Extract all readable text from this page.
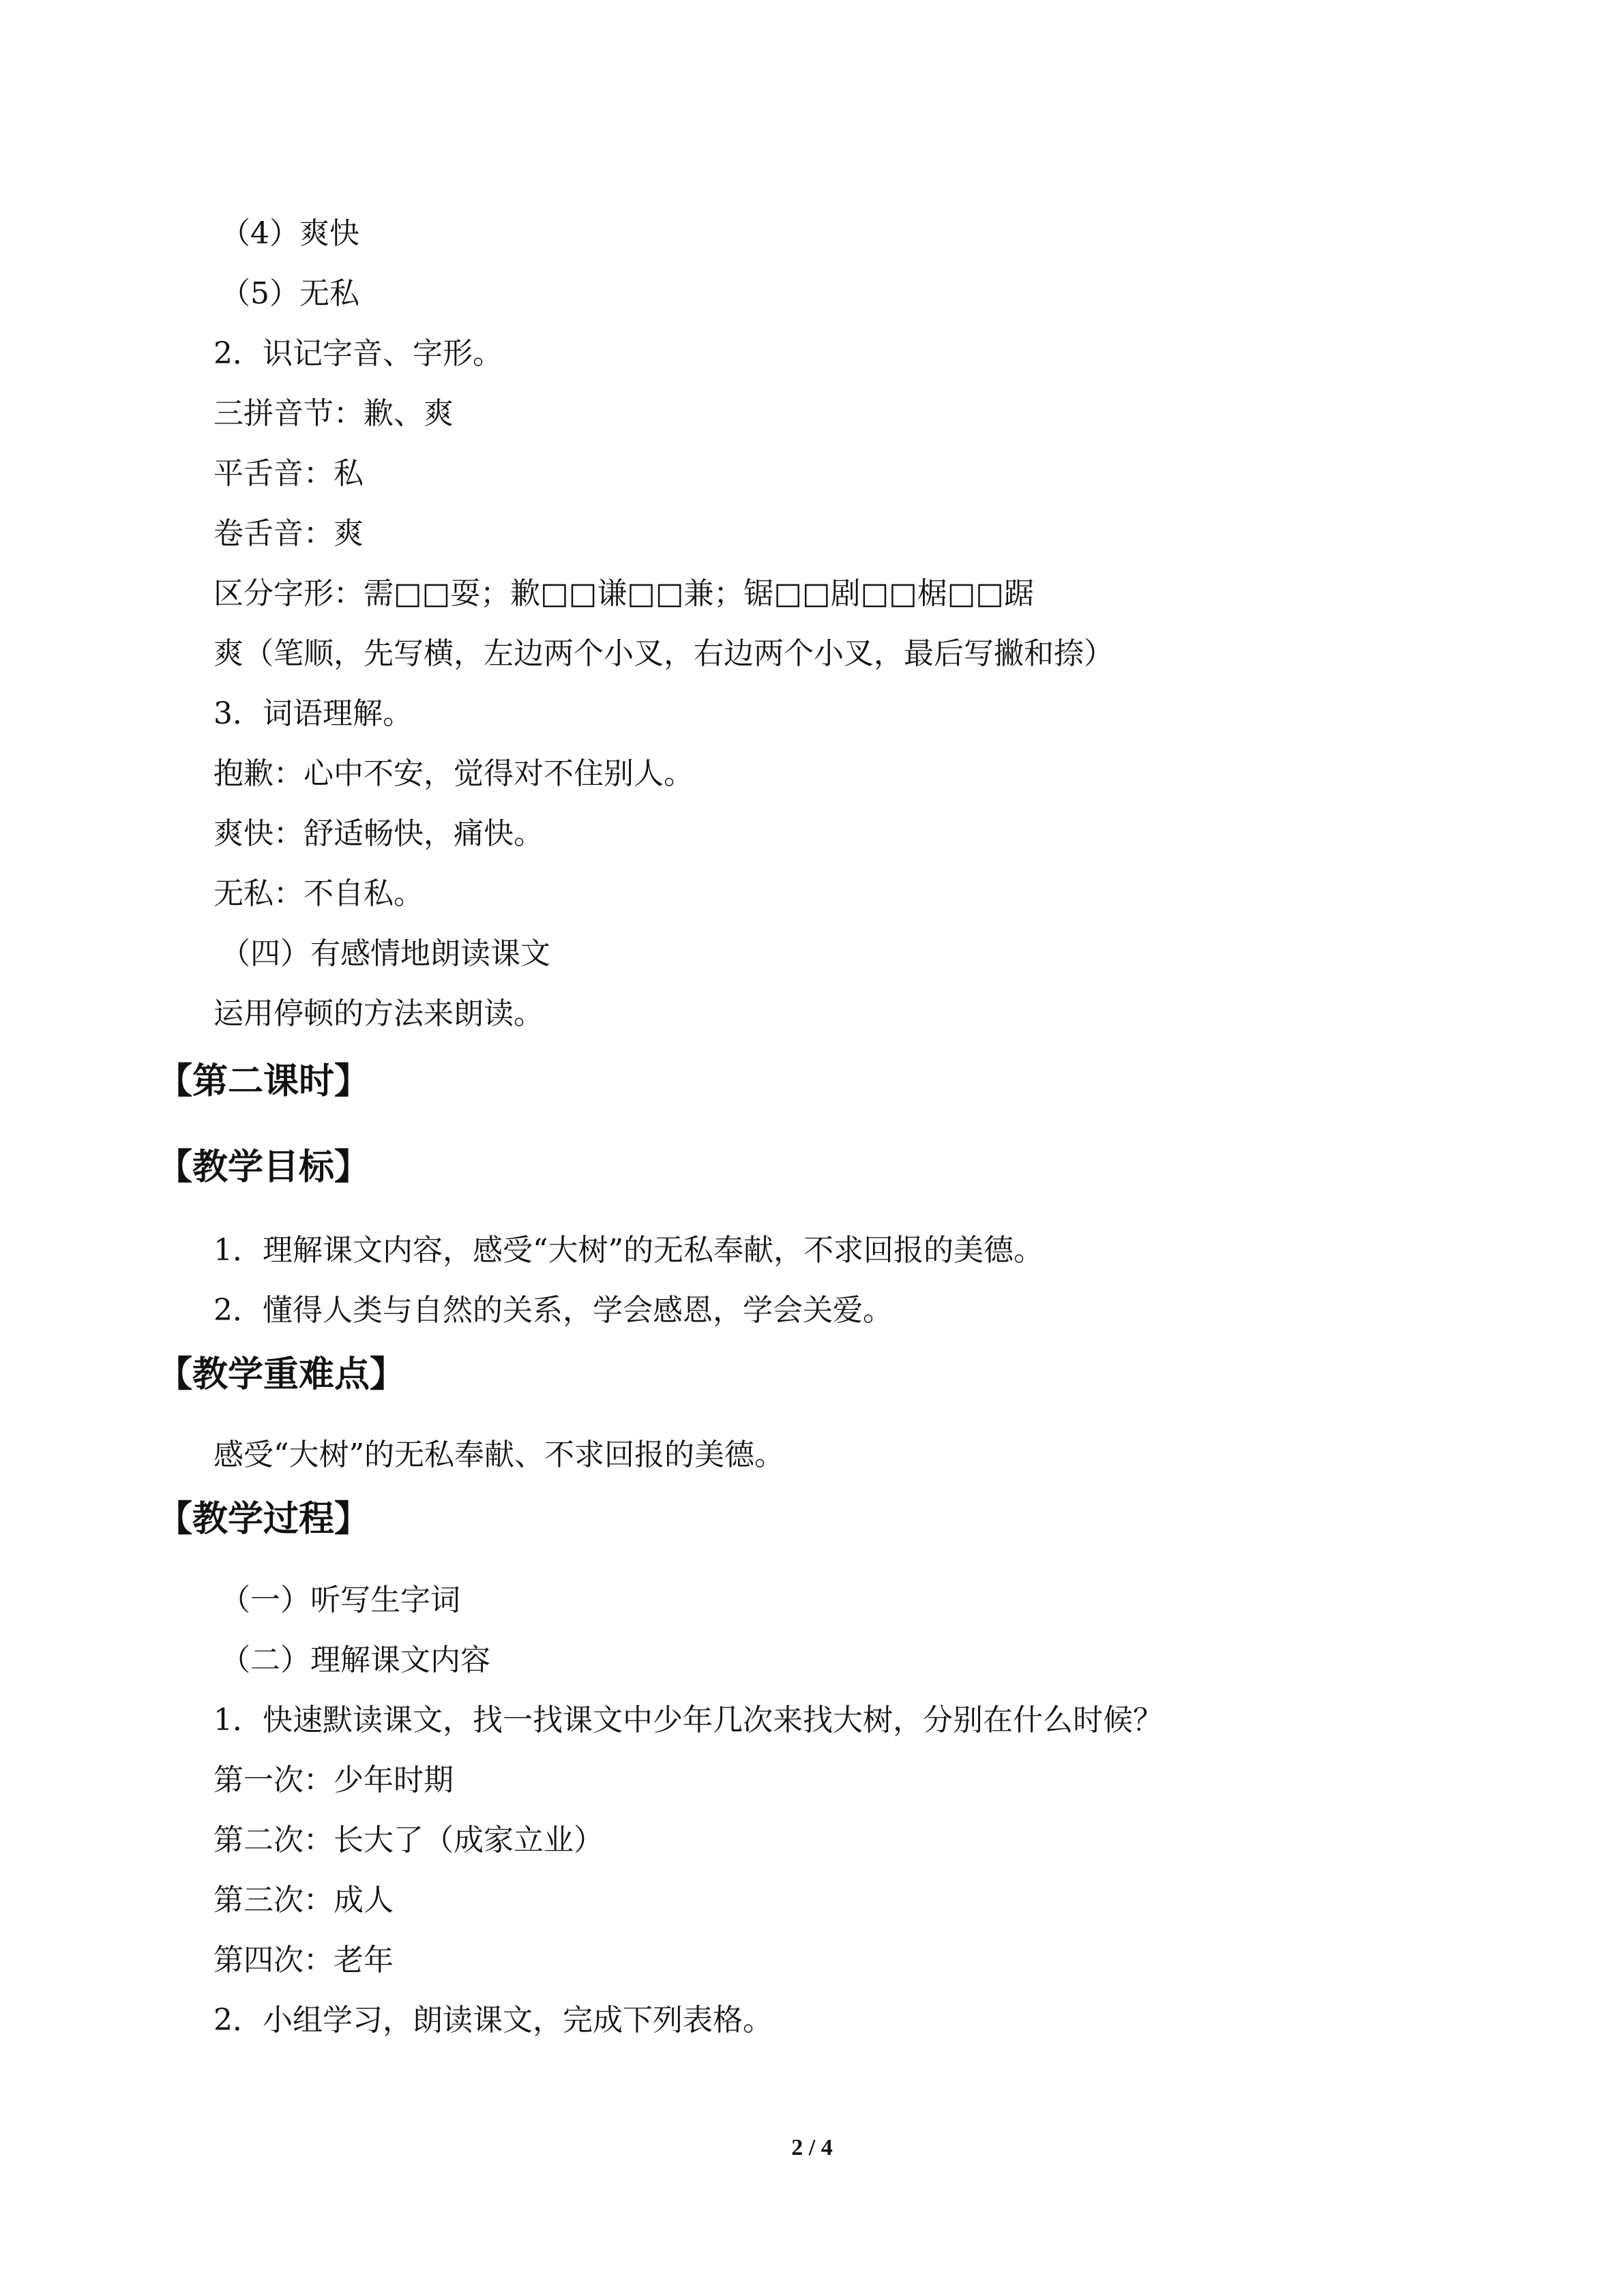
（4）爽快
（5）无私
2．识记字音、字形。
三拼音节：歉、爽
平舌音：私
卷舌音：爽
区分字形：需□□耍；歉□□谦□□兼；锯□□剧□□椐□□踞
爽（笔顺，先写横，左边两个小叉，右边两个小叉，最后写撇和捺）
3．词语理解。
抱歉：心中不安，觉得对不住别人。
爽快：舒适畅快，痛快。
无私：不自私。
（四）有感情地朗读课文
运用停顿的方法来朗读。
【第二课时】
【教学目标】
1．理解课文内容，感受“大树”的无私奉献，不求回报的美德。
2．懂得人类与自然的关系，学会感恩，学会关爱。
【教学重难点】
感受“大树”的无私奉献、不求回报的美德。
【教学过程】
（一）听写生字词
（二）理解课文内容
1．快速默读课文，找一找课文中少年几次来找大树，分别在什么时候？
第一次：少年时期
第二次：长大了（成家立业）
第三次：成人
第四次：老年
2．小组学习，朗读课文，完成下列表格。
2 / 4
